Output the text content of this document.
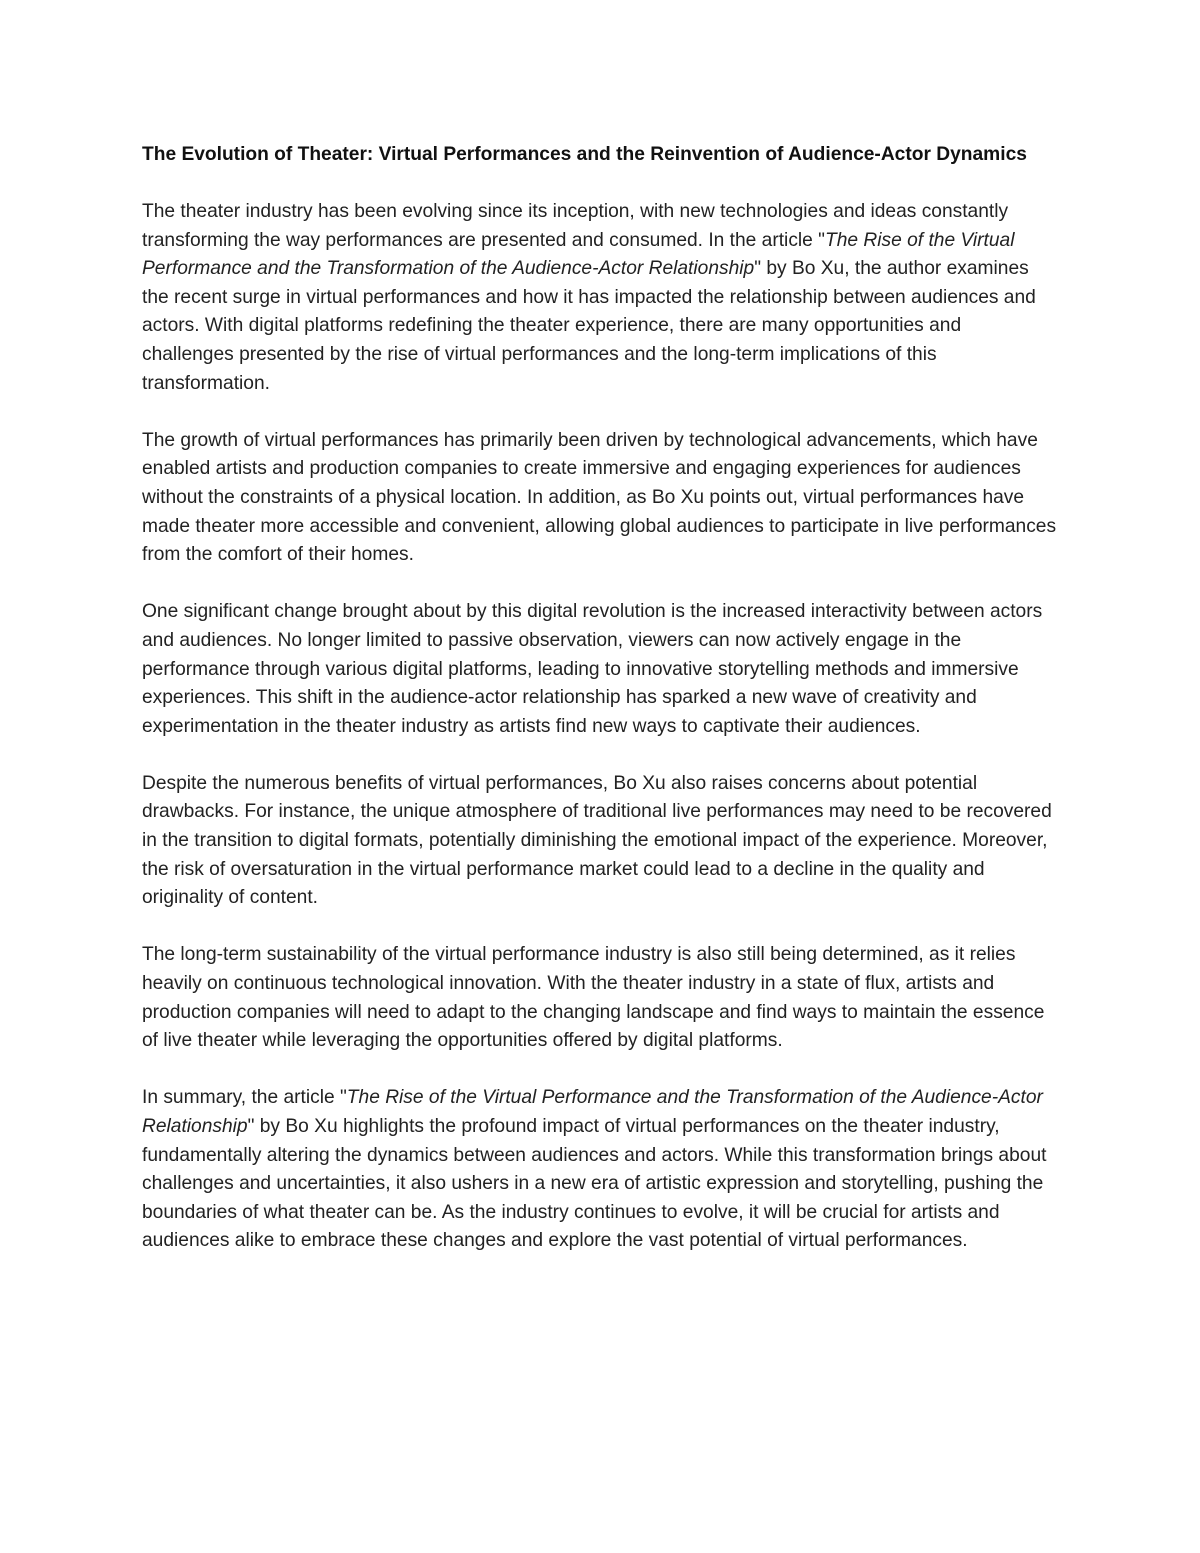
The Evolution of Theater: Virtual Performances and the Reinvention of Audience-Actor Dynamics

The theater industry has been evolving since its inception, with new technologies and ideas constantly transforming the way performances are presented and consumed. In the article "The Rise of the Virtual Performance and the Transformation of the Audience-Actor Relationship" by Bo Xu, the author examines the recent surge in virtual performances and how it has impacted the relationship between audiences and actors. With digital platforms redefining the theater experience, there are many opportunities and challenges presented by the rise of virtual performances and the long-term implications of this transformation.

The growth of virtual performances has primarily been driven by technological advancements, which have enabled artists and production companies to create immersive and engaging experiences for audiences without the constraints of a physical location. In addition, as Bo Xu points out, virtual performances have made theater more accessible and convenient, allowing global audiences to participate in live performances from the comfort of their homes.

One significant change brought about by this digital revolution is the increased interactivity between actors and audiences. No longer limited to passive observation, viewers can now actively engage in the performance through various digital platforms, leading to innovative storytelling methods and immersive experiences. This shift in the audience-actor relationship has sparked a new wave of creativity and experimentation in the theater industry as artists find new ways to captivate their audiences.

Despite the numerous benefits of virtual performances, Bo Xu also raises concerns about potential drawbacks. For instance, the unique atmosphere of traditional live performances may need to be recovered in the transition to digital formats, potentially diminishing the emotional impact of the experience. Moreover, the risk of oversaturation in the virtual performance market could lead to a decline in the quality and originality of content.

The long-term sustainability of the virtual performance industry is also still being determined, as it relies heavily on continuous technological innovation. With the theater industry in a state of flux, artists and production companies will need to adapt to the changing landscape and find ways to maintain the essence of live theater while leveraging the opportunities offered by digital platforms.

In summary, the article "The Rise of the Virtual Performance and the Transformation of the Audience-Actor Relationship" by Bo Xu highlights the profound impact of virtual performances on the theater industry, fundamentally altering the dynamics between audiences and actors. While this transformation brings about challenges and uncertainties, it also ushers in a new era of artistic expression and storytelling, pushing the boundaries of what theater can be. As the industry continues to evolve, it will be crucial for artists and audiences alike to embrace these changes and explore the vast potential of virtual performances.
